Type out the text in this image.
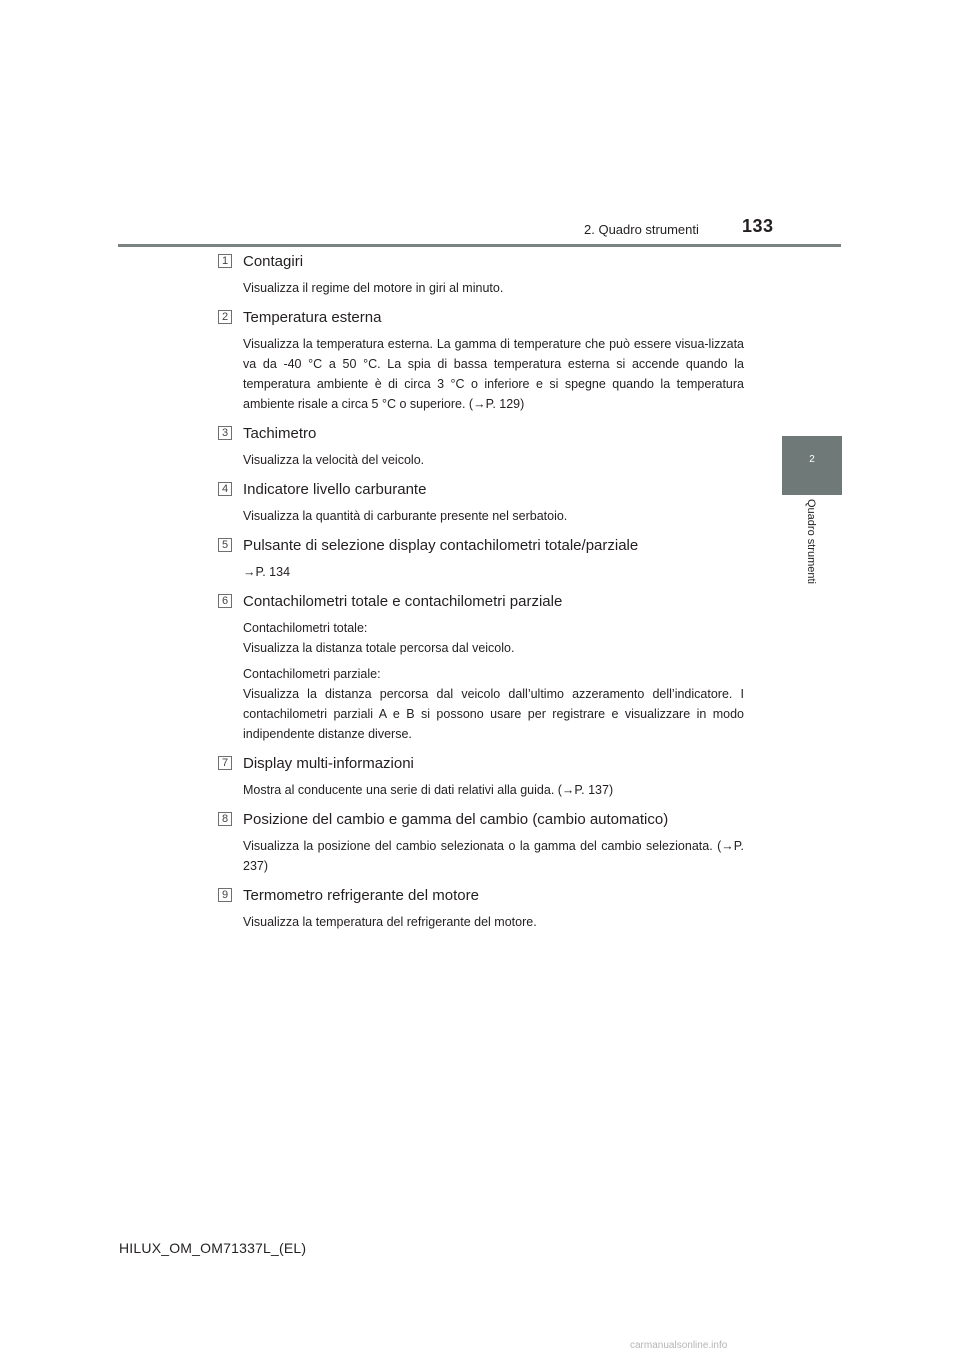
2. Quadro strumenti 133
2
Quadro strumenti
1 Contagiri
Visualizza il regime del motore in giri al minuto.
2 Temperatura esterna
Visualizza la temperatura esterna. La gamma di temperature che può essere visua-lizzata va da -40 °C a 50 °C. La spia di bassa temperatura esterna si accende quando la temperatura ambiente è di circa 3 °C o inferiore e si spegne quando la temperatura ambiente risale a circa 5 °C o superiore. (→P. 129)
3 Tachimetro
Visualizza la velocità del veicolo.
4 Indicatore livello carburante
Visualizza la quantità di carburante presente nel serbatoio.
5 Pulsante di selezione display contachilometri totale/parziale
→P. 134
6 Contachilometri totale e contachilometri parziale
Contachilometri totale:
Visualizza la distanza totale percorsa dal veicolo.
Contachilometri parziale:
Visualizza la distanza percorsa dal veicolo dall’ultimo azzeramento dell’indicatore. I contachilometri parziali A e B si possono usare per registrare e visualizzare in modo indipendente distanze diverse.
7 Display multi-informazioni
Mostra al conducente una serie di dati relativi alla guida. (→P. 137)
8 Posizione del cambio e gamma del cambio (cambio automatico)
Visualizza la posizione del cambio selezionata o la gamma del cambio selezionata. (→P. 237)
9 Termometro refrigerante del motore
Visualizza la temperatura del refrigerante del motore.
HILUX_OM_OM71337L_(EL)
carmanualsonline.info
